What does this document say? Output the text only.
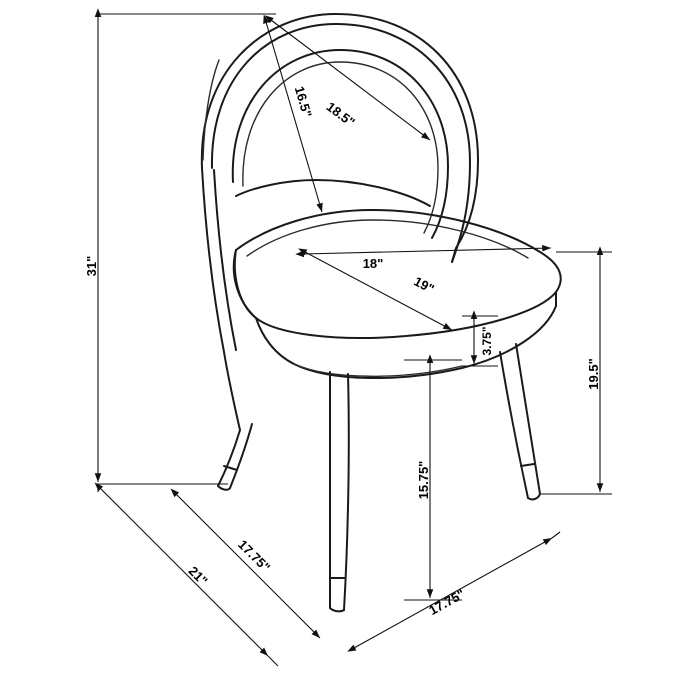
31"
18.5"
16.5"
19"
18"
3.75"
19.5"
15.75"
21"
17.75"
17.75"
